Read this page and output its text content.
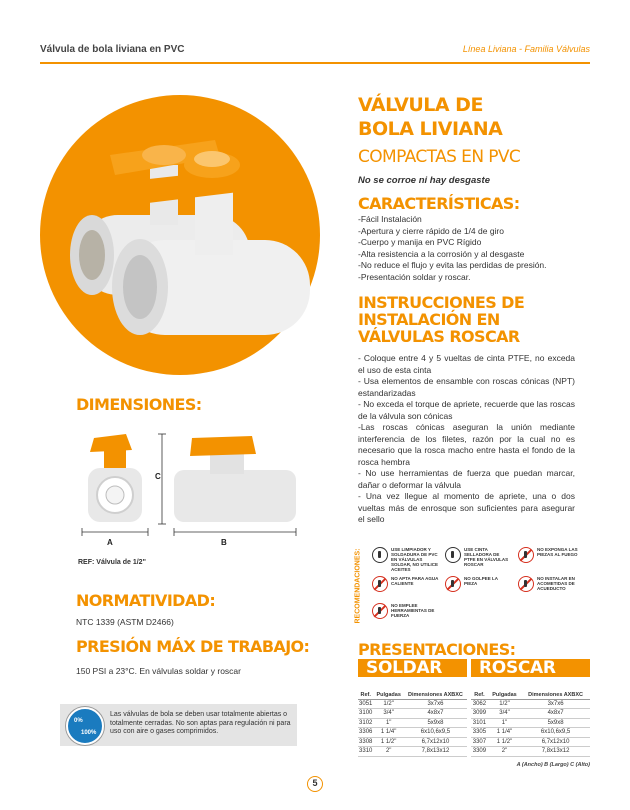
Válvula de bola liviana en PVC	Línea Liviana - Familia Válvulas
VÁLVULA DE
BOLA LIVIANA
COMPACTAS EN PVC
No se corroe ni hay desgaste
CARACTERÍSTICAS:
-Fácil Instalación
-Apertura y cierre rápido de 1/4 de giro
-Cuerpo y manija en PVC Rígido
-Alta resistencia a la corrosión y al desgaste
-No reduce el flujo y evita las perdidas de presión.
-Presentación soldar y roscar.
INSTRUCCIONES DE
INSTALACIÓN EN
VÁLVULAS ROSCAR
- Coloque entre 4 y 5 vueltas de cinta PTFE, no exceda el uso de esta cinta
- Usa elementos de ensamble con roscas cónicas (NPT) estandarizadas
- No exceda el torque de apriete, recuerde que las roscas de la válvula son cónicas
-Las roscas cónicas aseguran la unión mediante interferencia de los filetes, razón por la cual no es necesario que la rosca macho entre hasta el fondo de la rosca hembra
- No use herramientas de fuerza que puedan marcar, dañar o deformar la válvula
- Una vez llegue al momento de apriete, una o dos vueltas más de enrosque son suficientes para asegurar el sello
RECOMENDACIONES:	USE LIMPIADOR Y SOLDADURA DE PVC EN VÁLVULAS SOLDAR, NO UTILICE ACEITES
USE CINTA SELLADORA DE PTFE EN VÁLVULAS ROSCAR
NO EXPONGA LAS PIEZAS AL FUEGO
NO APTA PARA AGUA CALIENTE
NO GOLPEE LA PIEZA
NO INSTALAR EN ACOMETIDAS DE ACUEDUCTO
NO EMPLEE HERRAMIENTAS DE FUERZA
PRESENTACIONES:
SOLDAR	ROSCAR
Ref.	Pulgadas	Dimensiones AXBXC
3051	1/2"	3x7x6
3100	3/4"	4x8x7
3102	1"	5x9x8
3306	1 1/4"	6x10,6x9,5
3308	1 1/2"	6,7x12x10
3310	2"	7,8x13x12
Ref.	Pulgadas	Dimensiones AXBXC
3062	1/2"	3x7x6
3099	3/4"	4x8x7
3101	1"	5x9x8
3305	1 1/4"	6x10,6x9,5
3307	1 1/2"	6,7x12x10
3309	2"	7,8x13x12
A (Ancho) B (Largo) C (Alto)
DIMENSIONES:
A	B
C
REF: Válvula de 1/2"
NORMATIVIDAD:
NTC 1339 (ASTM D2466)
PRESIÓN MÁX DE TRABAJO:
150 PSI a 23°C. En válvulas soldar y roscar
0%
100%
Las válvulas de bola se deben usar totalmente abiertas o totalmente cerradas. No son aptas para regulación ni para uso con aire o gases comprimidos.
5
